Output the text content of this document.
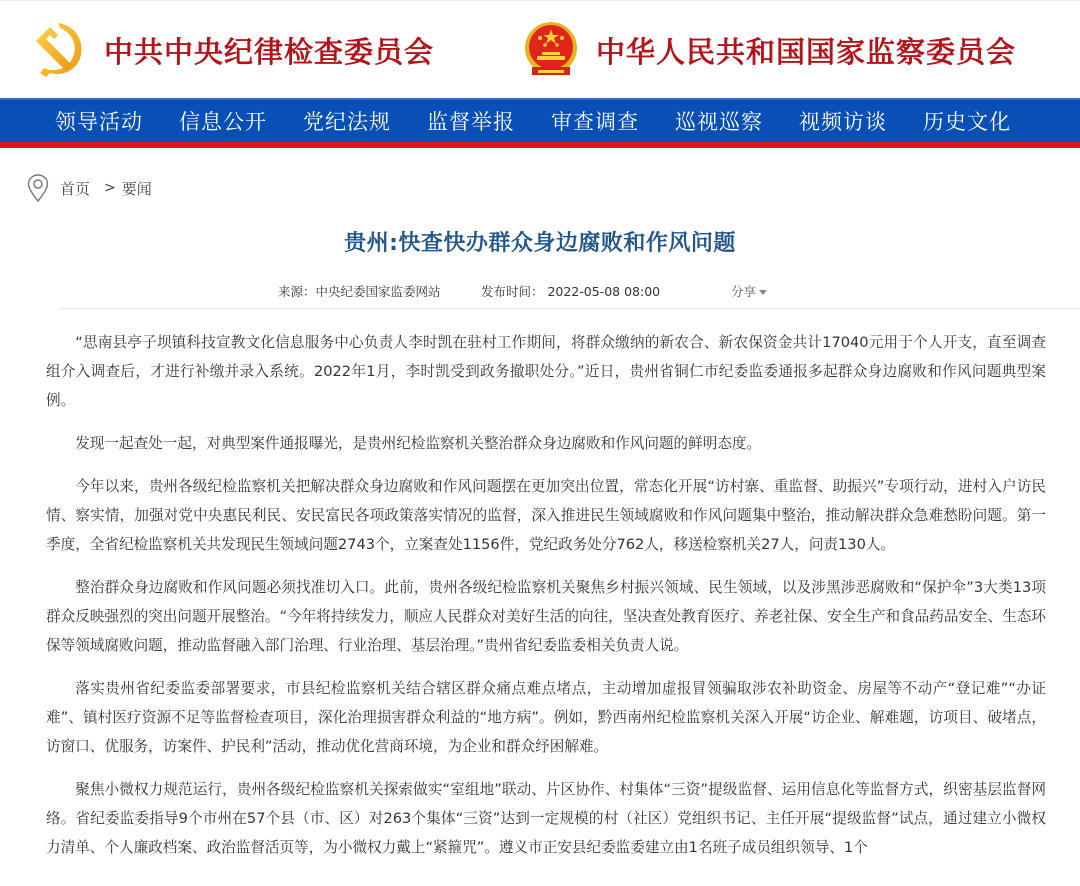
中共中央纪律检查委员会	中华人民共和国国家监察委员会
领导活动 信息公开 党纪法规 监督举报 审查调查 巡视巡察 视频访谈 历史文化
首页 > 要闻
贵州:快查快办群众身边腐败和作风问题
来源：中央纪委国家监委网站	发布时间： 2022-05-08 08:00	分享

“思南县亭子坝镇科技宣教文化信息服务中心负责人李时凯在驻村工作期间，将群众缴纳的新农合、新农保资金共计17040元用于个人开支，直至调查组介入调查后，才进行补缴并录入系统。2022年1月，李时凯受到政务撤职处分。”近日，贵州省铜仁市纪委监委通报多起群众身边腐败和作风问题典型案例。

发现一起查处一起，对典型案件通报曝光，是贵州纪检监察机关整治群众身边腐败和作风问题的鲜明态度。

今年以来，贵州各级纪检监察机关把解决群众身边腐败和作风问题摆在更加突出位置，常态化开展“访村寨、重监督、助振兴”专项行动，进村入户访民情、察实情，加强对党中央惠民利民、安民富民各项政策落实情况的监督，深入推进民生领域腐败和作风问题集中整治，推动解决群众急难愁盼问题。第一季度，全省纪检监察机关共发现民生领域问题2743个，立案查处1156件，党纪政务处分762人，移送检察机关27人，问责130人。

整治群众身边腐败和作风问题必须找准切入口。此前，贵州各级纪检监察机关聚焦乡村振兴领域、民生领域，以及涉黑涉恶腐败和“保护伞”3大类13项群众反映强烈的突出问题开展整治。“今年将持续发力，顺应人民群众对美好生活的向往，坚决查处教育医疗、养老社保、安全生产和食品药品安全、生态环保等领域腐败问题，推动监督融入部门治理、行业治理、基层治理。”贵州省纪委监委相关负责人说。

落实贵州省纪委监委部署要求，市县纪检监察机关结合辖区群众痛点难点堵点，主动增加虚报冒领骗取涉农补助资金、房屋等不动产“登记难”“办证难”、镇村医疗资源不足等监督检查项目，深化治理损害群众利益的“地方病”。例如，黔西南州纪检监察机关深入开展“访企业、解难题，访项目、破堵点，访窗口、优服务，访案件、护民利”活动，推动优化营商环境，为企业和群众纾困解难。

聚焦小微权力规范运行，贵州各级纪检监察机关探索做实“室组地”联动、片区协作、村集体“三资”提级监督、运用信息化等监督方式，织密基层监督网络。省纪委监委指导9个市州在57个县（市、区）对263个集体“三资”达到一定规模的村（社区）党组织书记、主任开展“提级监督”试点，通过建立小微权力清单、个人廉政档案、政治监督活页等，为小微权力戴上“紧箍咒”。遵义市正安县纪委监委建立由1名班子成员组织领导、1个
